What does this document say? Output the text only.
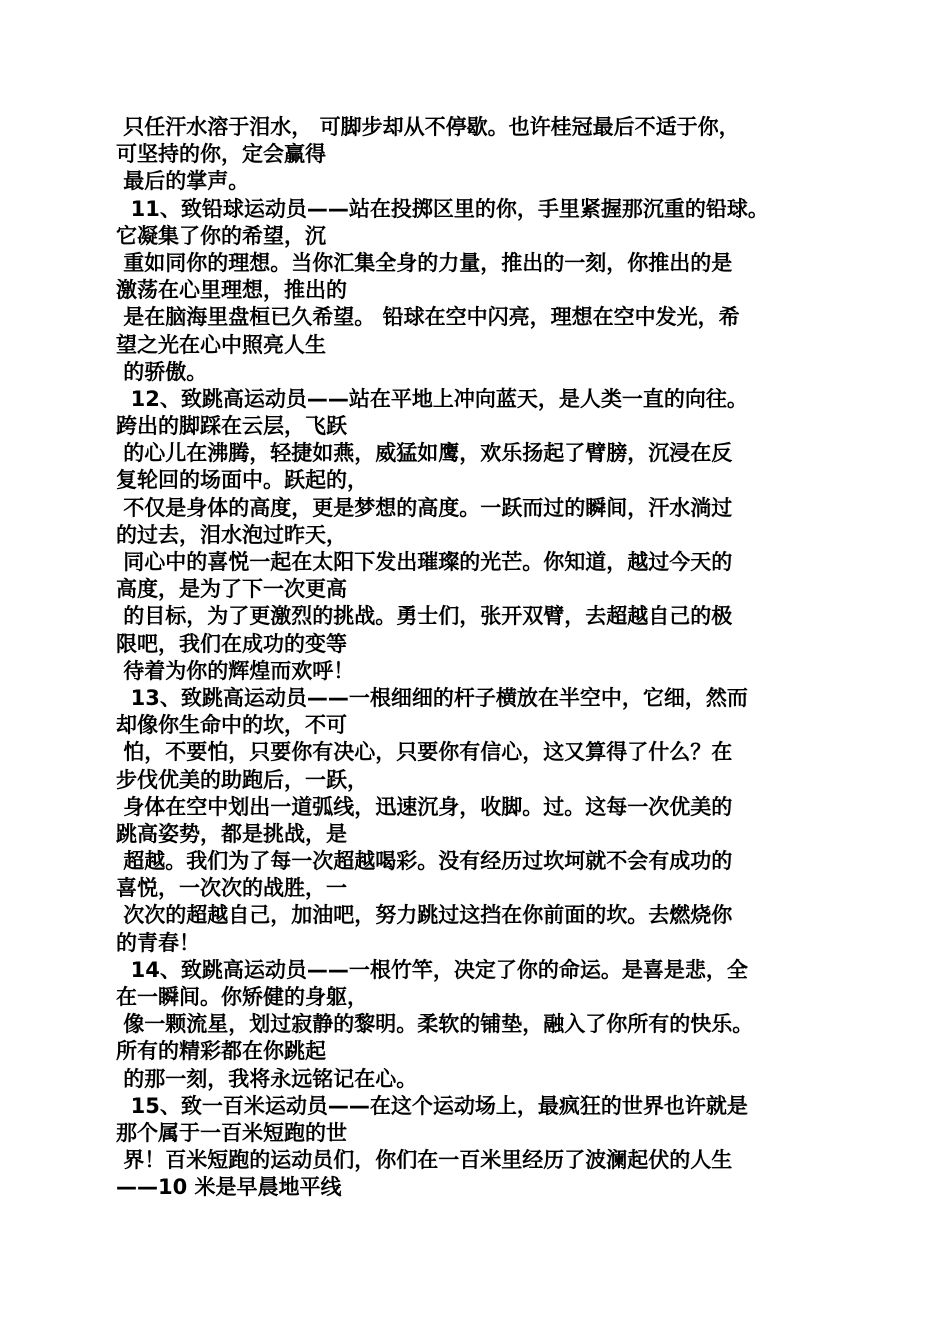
只任汗水溶于泪水， 可脚步却从不停歇。也许桂冠最后不适于你，
可坚持的你，定会赢得
最后的掌声。
11、致铅球运动员——站在投掷区里的你，手里紧握那沉重的铅球。
它凝集了你的希望，沉
重如同你的理想。当你汇集全身的力量，推出的一刻，你推出的是
激荡在心里理想，推出的
是在脑海里盘桓已久希望。 铅球在空中闪亮，理想在空中发光，希
望之光在心中照亮人生
的骄傲。
12、致跳高运动员——站在平地上冲向蓝天，是人类一直的向往。
跨出的脚踩在云层，飞跃
的心儿在沸腾，轻捷如燕，威猛如鹰，欢乐扬起了臂膀，沉浸在反
复轮回的场面中。跃起的，
不仅是身体的高度，更是梦想的高度。一跃而过的瞬间，汗水淌过
的过去，泪水泡过昨天，
同心中的喜悦一起在太阳下发出璀璨的光芒。你知道，越过今天的
高度，是为了下一次更高
的目标，为了更激烈的挑战。勇士们，张开双臂，去超越自己的极
限吧，我们在成功的变等
待着为你的辉煌而欢呼！
13、致跳高运动员——一根细细的杆子横放在半空中，它细，然而
却像你生命中的坎，不可
怕，不要怕，只要你有决心，只要你有信心，这又算得了什么？在
步伐优美的助跑后，一跃，
身体在空中划出一道弧线，迅速沉身，收脚。过。这每一次优美的
跳高姿势，都是挑战，是
超越。我们为了每一次超越喝彩。没有经历过坎坷就不会有成功的
喜悦，一次次的战胜，一
次次的超越自己，加油吧，努力跳过这挡在你前面的坎。去燃烧你
的青春！
14、致跳高运动员——一根竹竿，决定了你的命运。是喜是悲，全
在一瞬间。你矫健的身躯，
像一颗流星，划过寂静的黎明。柔软的铺垫，融入了你所有的快乐。
所有的精彩都在你跳起
的那一刻，我将永远铭记在心。
15、致一百米运动员——在这个运动场上，最疯狂的世界也许就是
那个属于一百米短跑的世
界！百米短跑的运动员们，你们在一百米里经历了波澜起伏的人生
——10 米是早晨地平线
